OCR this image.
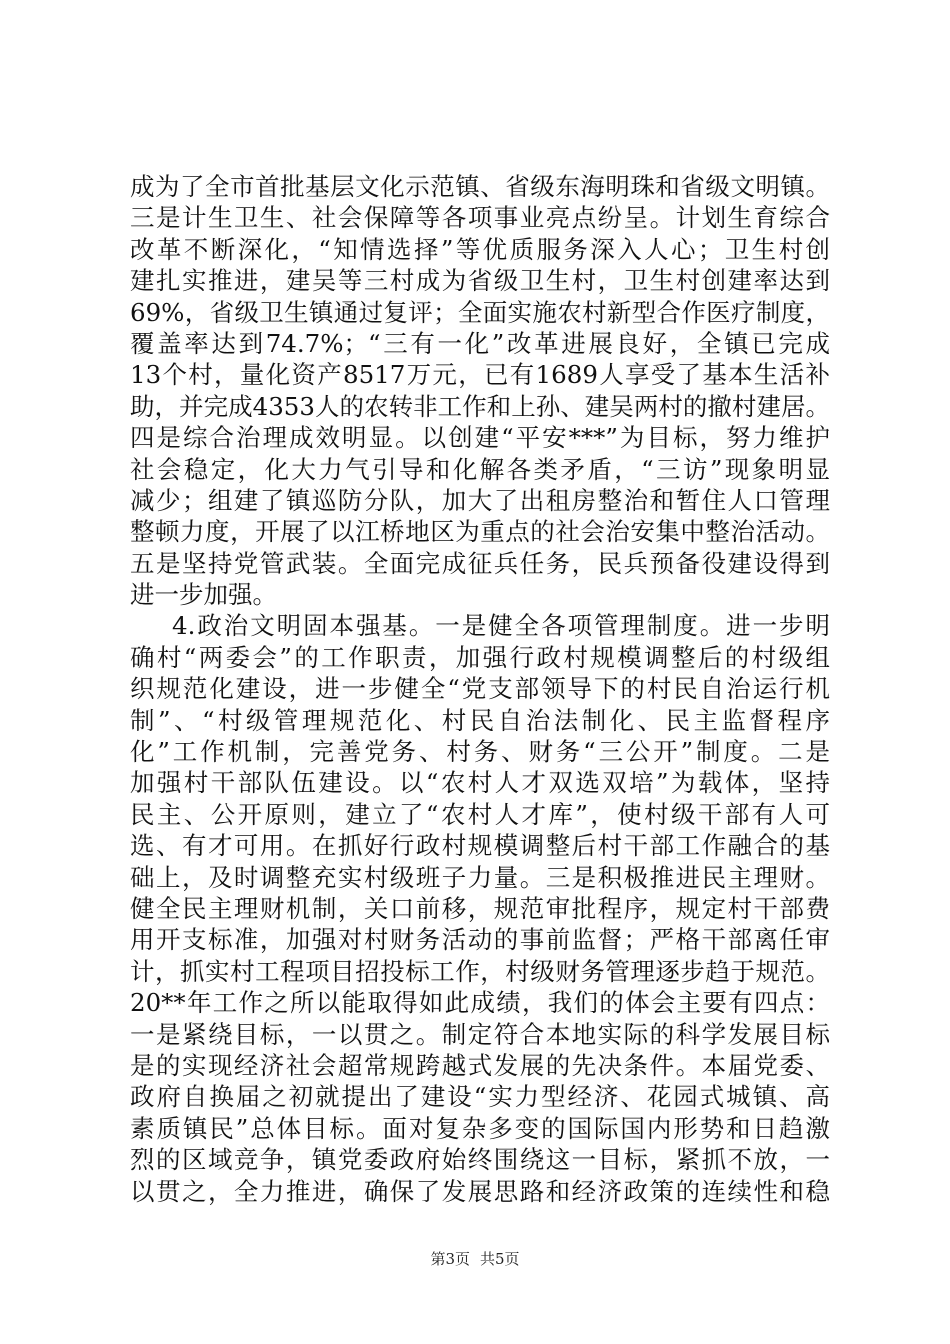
成为了全市首批基层文化示范镇、省级东海明珠和省级文明镇。
三是计生卫生、社会保障等各项事业亮点纷呈。计划生育综合
改革不断深化，“知情选择”等优质服务深入人心；卫生村创
建扎实推进，建吴等三村成为省级卫生村，卫生村创建率达到
69%，省级卫生镇通过复评；全面实施农村新型合作医疗制度，
覆盖率达到74.7%；“三有一化”改革进展良好，全镇已完成
13个村，量化资产8517万元，已有1689人享受了基本生活补
助，并完成4353人的农转非工作和上孙、建吴两村的撤村建居。
四是综合治理成效明显。以创建“平安***”为目标，努力维护
社会稳定，化大力气引导和化解各类矛盾，“三访”现象明显
减少；组建了镇巡防分队，加大了出租房整治和暂住人口管理
整顿力度，开展了以江桥地区为重点的社会治安集中整治活动。
五是坚持党管武装。全面完成征兵任务，民兵预备役建设得到
进一步加强。
4.政治文明固本强基。一是健全各项管理制度。进一步明
确村“两委会”的工作职责，加强行政村规模调整后的村级组
织规范化建设，进一步健全“党支部领导下的村民自治运行机
制”、“村级管理规范化、村民自治法制化、民主监督程序
化”工作机制，完善党务、村务、财务“三公开”制度。二是
加强村干部队伍建设。以“农村人才双选双培”为载体，坚持
民主、公开原则，建立了“农村人才库”，使村级干部有人可
选、有才可用。在抓好行政村规模调整后村干部工作融合的基
础上，及时调整充实村级班子力量。三是积极推进民主理财。
健全民主理财机制，关口前移，规范审批程序，规定村干部费
用开支标准，加强对村财务活动的事前监督；严格干部离任审
计，抓实村工程项目招投标工作，村级财务管理逐步趋于规范。
20**年工作之所以能取得如此成绩，我们的体会主要有四点：
一是紧绕目标，一以贯之。制定符合本地实际的科学发展目标
是的实现经济社会超常规跨越式发展的先决条件。本届党委、
政府自换届之初就提出了建设“实力型经济、花园式城镇、高
素质镇民”总体目标。面对复杂多变的国际国内形势和日趋激
烈的区域竞争，镇党委政府始终围绕这一目标，紧抓不放，一
以贯之，全力推进，确保了发展思路和经济政策的连续性和稳
第3页 共5页
